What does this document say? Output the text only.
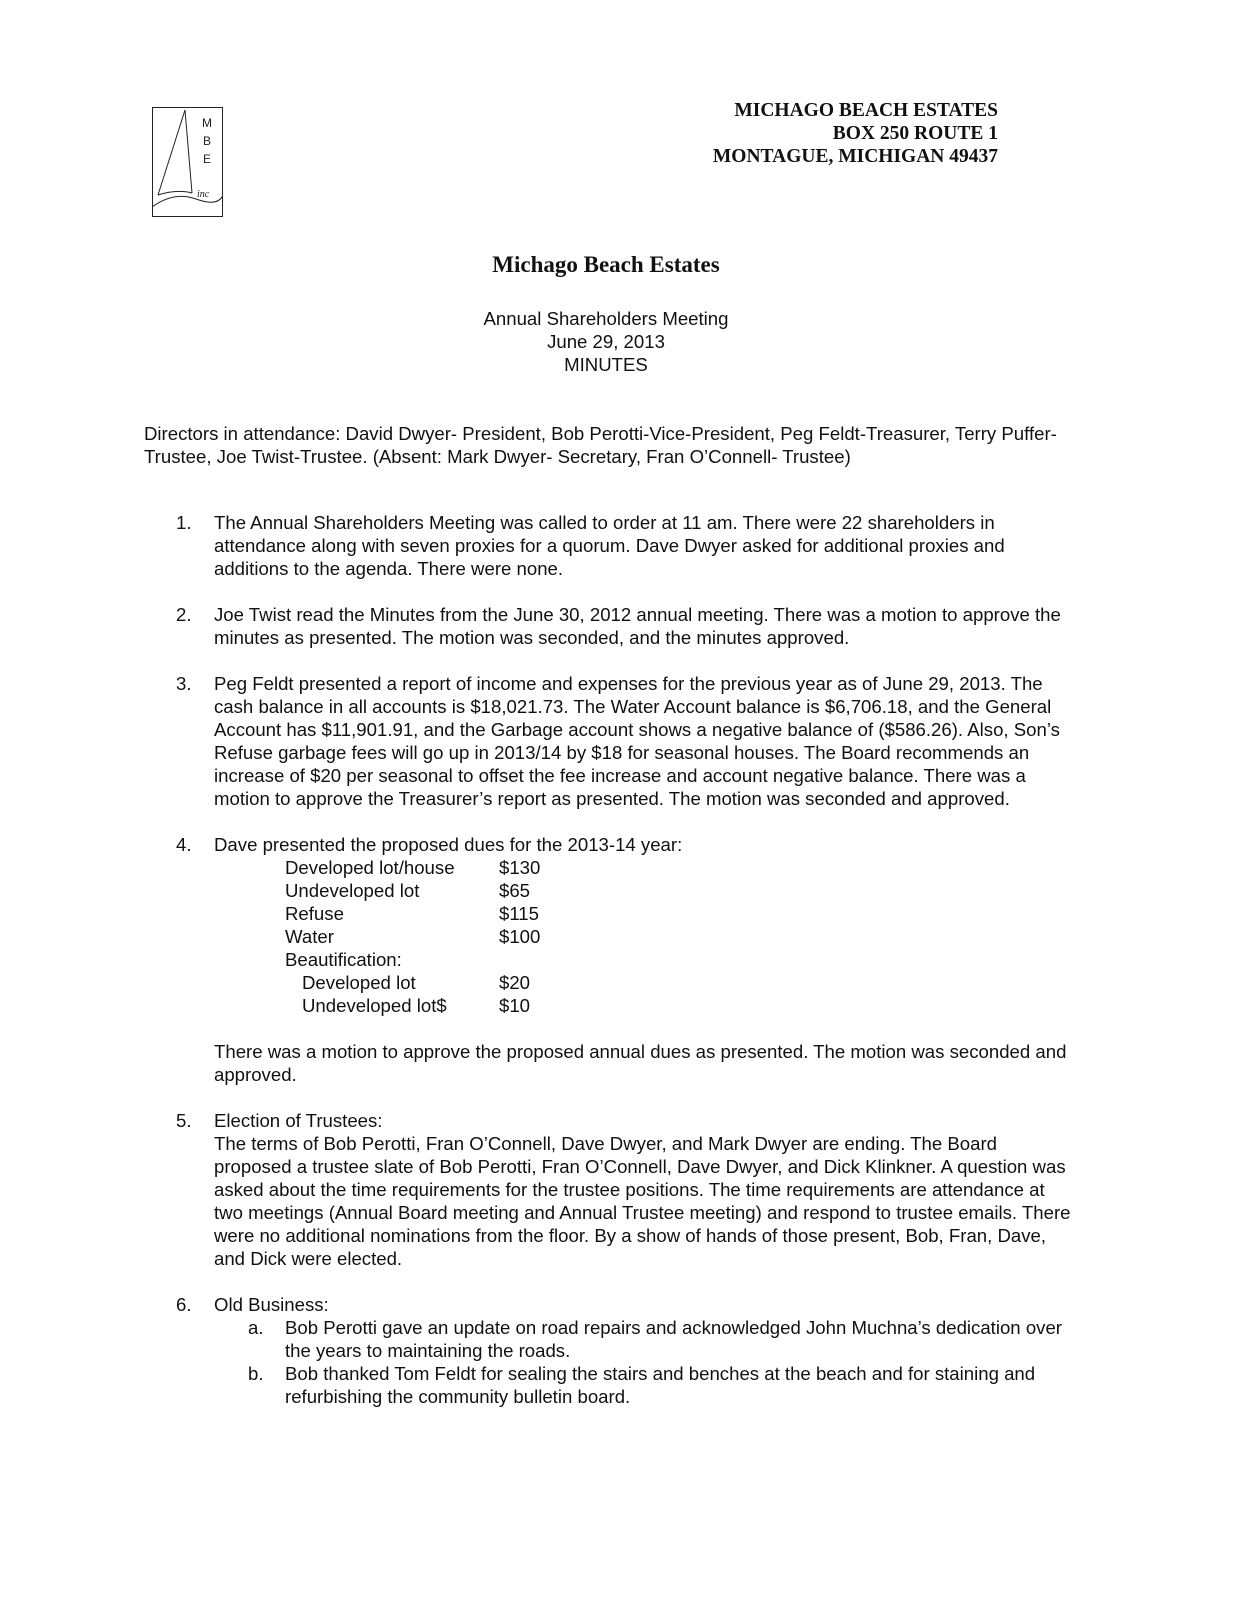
M
B
E
inc
MICHAGO BEACH ESTATES
BOX 250 ROUTE 1
MONTAGUE, MICHIGAN 49437
Michago Beach Estates
Annual Shareholders Meeting
June 29, 2013
MINUTES
Directors in attendance: David Dwyer- President, Bob Perotti-Vice-President, Peg Feldt-Treasurer, Terry Puffer-Trustee, Joe Twist-Trustee. (Absent: Mark Dwyer- Secretary, Fran O’Connell- Trustee)
1. The Annual Shareholders Meeting was called to order at 11 am. There were 22 shareholders in attendance along with seven proxies for a quorum. Dave Dwyer asked for additional proxies and additions to the agenda. There were none.
2. Joe Twist read the Minutes from the June 30, 2012 annual meeting. There was a motion to approve the minutes as presented. The motion was seconded, and the minutes approved.
3. Peg Feldt presented a report of income and expenses for the previous year as of June 29, 2013. The cash balance in all accounts is $18,021.73. The Water Account balance is $6,706.18, and the General Account has $11,901.91, and the Garbage account shows a negative balance of ($586.26). Also, Son’s Refuse garbage fees will go up in 2013/14 by $18 for seasonal houses. The Board recommends an increase of $20 per seasonal to offset the fee increase and account negative balance. There was a motion to approve the Treasurer’s report as presented. The motion was seconded and approved.
4. Dave presented the proposed dues for the 2013-14 year:
Developed lot/house $130
Undeveloped lot	$65
Refuse	$115
Water	$100
Beautification:
Developed lot	$20
Undeveloped lot$	$10
There was a motion to approve the proposed annual dues as presented. The motion was seconded and approved.
5. Election of Trustees:
The terms of Bob Perotti, Fran O’Connell, Dave Dwyer, and Mark Dwyer are ending. The Board proposed a trustee slate of Bob Perotti, Fran O’Connell, Dave Dwyer, and Dick Klinkner. A question was asked about the time requirements for the trustee positions. The time requirements are attendance at two meetings (Annual Board meeting and Annual Trustee meeting) and respond to trustee emails. There were no additional nominations from the floor. By a show of hands of those present, Bob, Fran, Dave, and Dick were elected.
6. Old Business:
a. Bob Perotti gave an update on road repairs and acknowledged John Muchna’s dedication over the years to maintaining the roads.
b. Bob thanked Tom Feldt for sealing the stairs and benches at the beach and for staining and refurbishing the community bulletin board.
